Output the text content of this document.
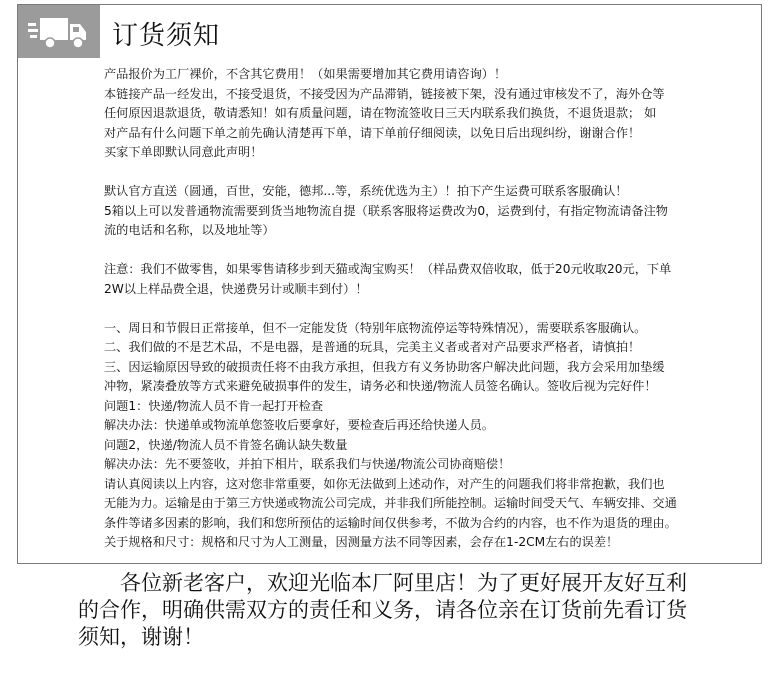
订货须知
产品报价为工厂裸价，不含其它费用！（如果需要增加其它费用请咨询）！
本链接产品一经发出，不接受退货，不接受因为产品滞销，链接被下架，没有通过审核发不了，海外仓等
任何原因退款退货，敬请悉知！如有质量问题，请在物流签收日三天内联系我们换货，不退货退款； 如
对产品有什么问题下单之前先确认清楚再下单，请下单前仔细阅读，以免日后出现纠纷，谢谢合作！
买家下单即默认同意此声明！
默认官方直送（圆通，百世，安能，德邦...等，系统优选为主）！拍下产生运费可联系客服确认！
5箱以上可以发普通物流需要到货当地物流自提（联系客服将运费改为0，运费到付，有指定物流请备注物
流的电话和名称，以及地址等）
注意：我们不做零售，如果零售请移步到天猫或淘宝购买！（样品费双倍收取，低于20元收取20元，下单
2W以上样品费全退，快递费另计或顺丰到付）！
一、周日和节假日正常接单，但不一定能发货（特别年底物流停运等特殊情况），需要联系客服确认。
二、我们做的不是艺术品，不是电器，是普通的玩具，完美主义者或者对产品要求严格者，请慎拍！
三、因运输原因导致的破损责任将不由我方承担，但我方有义务协助客户解决此问题，我方会采用加垫缓
冲物，紧凑叠放等方式来避免破损事件的发生，请务必和快递/物流人员签名确认。签收后视为完好件！
问题1：快递/物流人员不肯一起打开检查
解决办法：快递单或物流单您签收后要拿好，要检查后再还给快递人员。
问题2，快递/物流人员不肯签名确认缺失数量
解决办法：先不要签收，并拍下相片，联系我们与快递/物流公司协商赔偿！
请认真阅读以上内容，这对您非常重要，如你无法做到上述动作，对产生的问题我们将非常抱歉，我们也
无能为力。运输是由于第三方快递或物流公司完成，并非我们所能控制。运输时间受天气、车辆安排、交通
条件等诸多因素的影响，我们和您所预估的运输时间仅供参考，不做为合约的内容，也不作为退货的理由。
关于规格和尺寸：规格和尺寸为人工测量，因测量方法不同等因素，会存在1-2CM左右的误差！
各位新老客户，欢迎光临本厂阿里店！为了更好展开友好互利
的合作，明确供需双方的责任和义务，请各位亲在订货前先看订货
须知，谢谢！
